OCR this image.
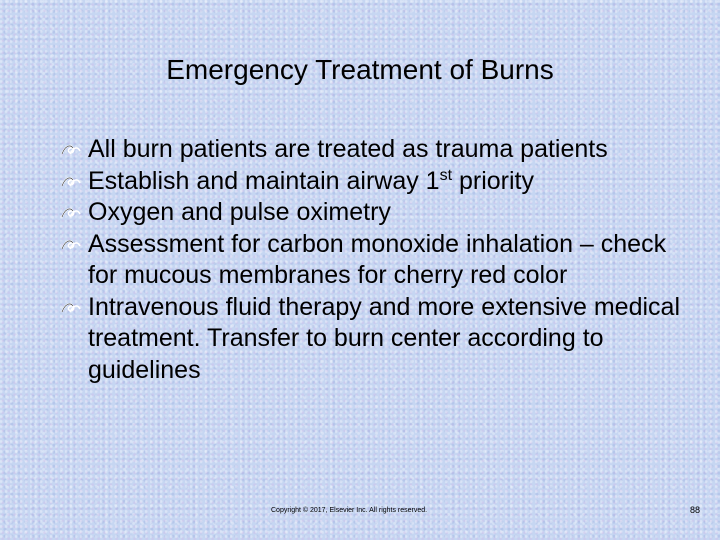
Emergency Treatment of Burns
All burn patients are treated as trauma patients
Establish and maintain airway 1st priority
Oxygen and pulse oximetry
Assessment for carbon monoxide inhalation – check for mucous membranes for cherry red color
Intravenous fluid therapy and more extensive medical treatment. Transfer to burn center according to guidelines
Copyright © 2017, Elsevier Inc. All rights reserved.	88
